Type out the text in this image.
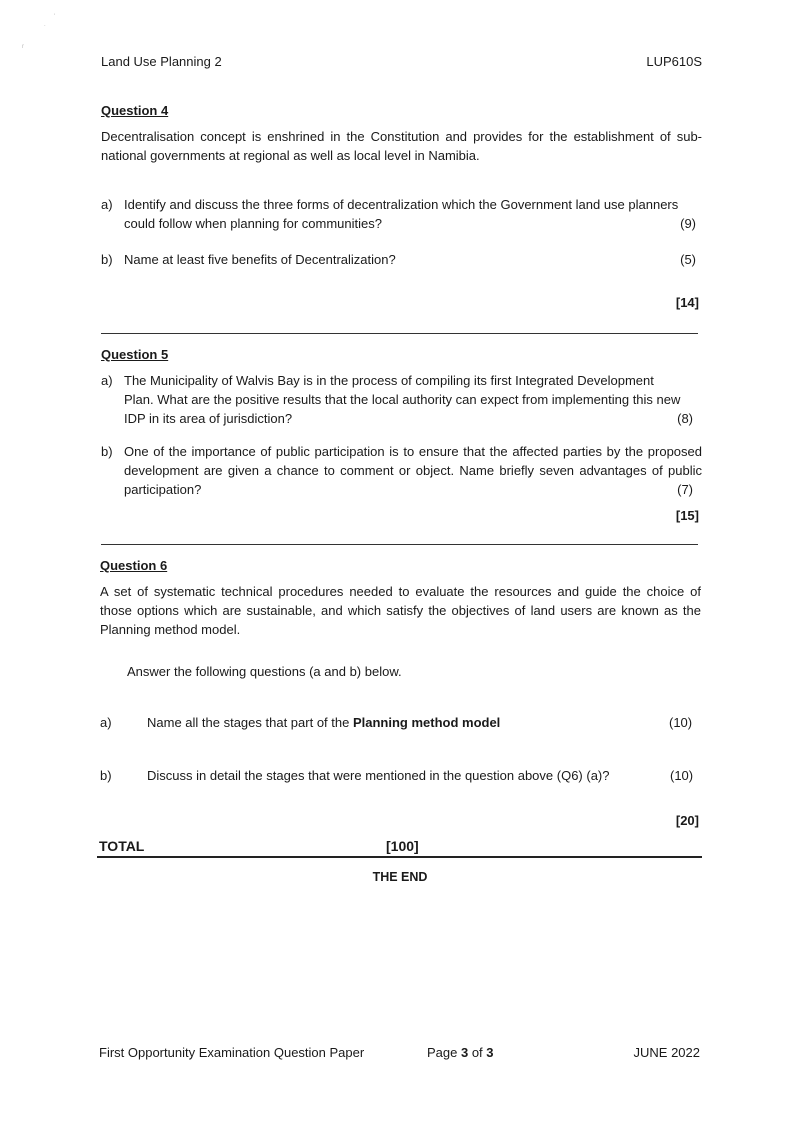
.
'
r
Land Use Planning 2	LUP610S
Question 4
Decentralisation concept is enshrined in the Constitution and provides for the establishment of sub-national governments at regional as well as local level in Namibia.
a) Identify and discuss the three forms of decentralization which the Government land use planners could follow when planning for communities?	(9)
b) Name at least five benefits of Decentralization?	(5)
[14]
Question 5
a) The Municipality of Walvis Bay is in the process of compiling its first Integrated Development Plan. What are the positive results that the local authority can expect from implementing this new IDP in its area of jurisdiction?	(8)
b) One of the importance of public participation is to ensure that the affected parties by the proposed development are given a chance to comment or object. Name briefly seven advantages of public participation?	(7)
[15]
Question 6
A set of systematic technical procedures needed to evaluate the resources and guide the choice of those options which are sustainable, and which satisfy the objectives of land users are known as the Planning method model.
Answer the following questions (a and b) below.
a)	Name all the stages that part of the Planning method model	(10)
b)	Discuss in detail the stages that were mentioned in the question above (Q6) (a)?	(10)
[20]
TOTAL	[100]
THE END
First Opportunity Examination Question Paper	Page 3 of 3	JUNE 2022
